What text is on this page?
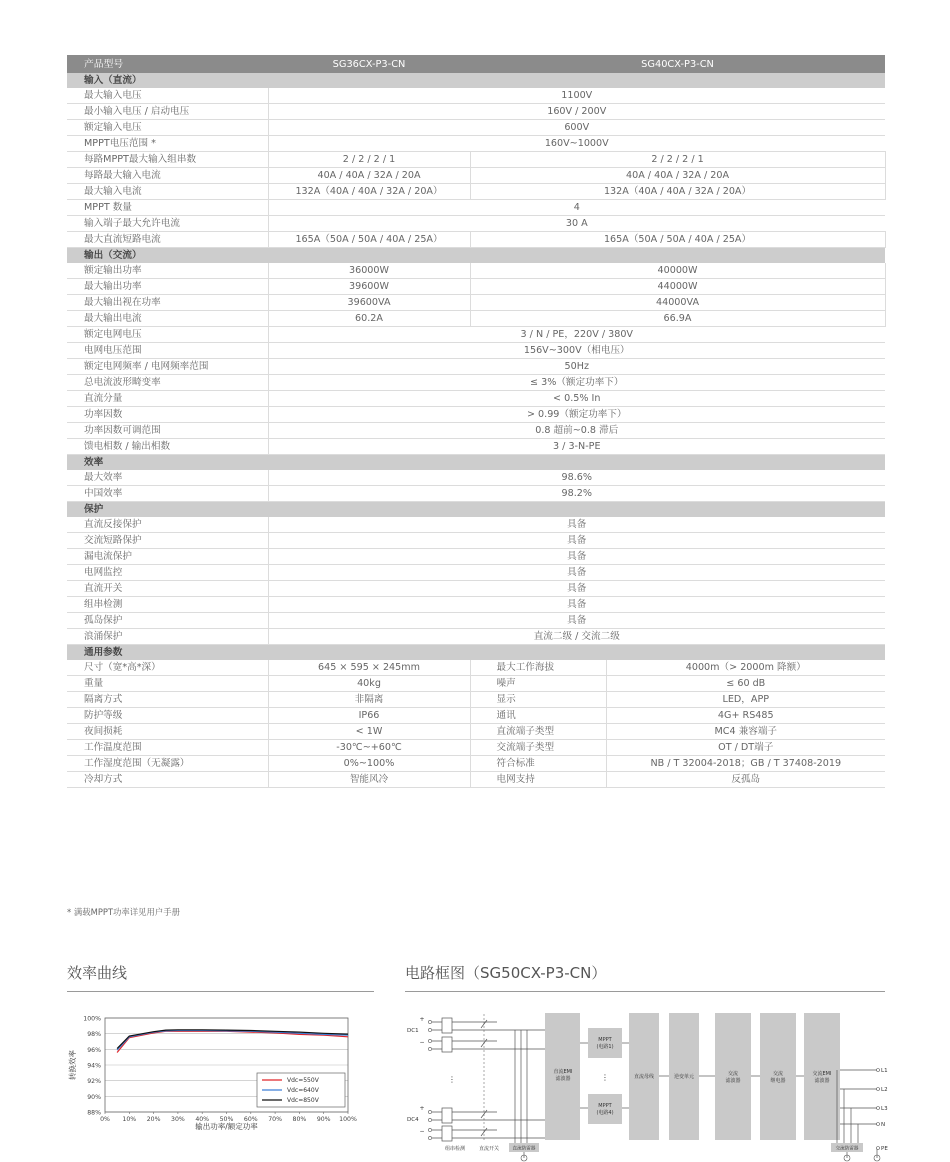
产品型号	SG36CX-P3-CN	SG40CX-P3-CN	
输入（直流）				
最大输入电压	1100V			
最小输入电压 / 启动电压	160V / 200V			
额定输入电压	600V			
MPPT电压范围 *	160V~1000V			
每路MPPT最大输入组串数	2 / 2 / 2 / 1	2 / 2 / 2 / 1	
每路最大输入电流	40A / 40A / 32A / 20A	40A / 40A / 32A / 20A	
最大输入电流	132A（40A / 40A / 32A / 20A）	132A（40A / 40A / 32A / 20A）	
MPPT 数量	4			
输入端子最大允许电流	30 A			
最大直流短路电流	165A（50A / 50A / 40A / 25A）	165A（50A / 50A / 40A / 25A）	
输出（交流）				
额定输出功率	36000W	40000W	
最大输出功率	39600W	44000W	
最大输出视在功率	39600VA	44000VA	
最大输出电流	60.2A	66.9A	
额定电网电压	3 / N / PE，220V / 380V			
电网电压范围	156V~300V（相电压）			
额定电网频率 / 电网频率范围	50Hz			
总电流波形畸变率	≤ 3%（额定功率下）			
直流分量	< 0.5% In			
功率因数	> 0.99（额定功率下）			
功率因数可调范围	0.8 超前~0.8 滞后			
馈电相数 / 输出相数	3 / 3-N-PE			
效率				
最大效率	98.6%			
中国效率	98.2%			
保护				
直流反接保护	具备			
交流短路保护	具备			
漏电流保护	具备			
电网监控	具备			
直流开关	具备			
组串检测	具备			
孤岛保护	具备			
浪涌保护	直流二级 / 交流二级			
通用参数				
尺寸（宽*高*深）	645 × 595 × 245mm	最大工作海拔	4000m（> 2000m 降额）	
重量	40kg	噪声	≤ 60 dB	
隔离方式	非隔离	显示	LED，APP	
防护等级	IP66	通讯	4G+ RS485	
夜间损耗	< 1W	直流端子类型	MC4 兼容端子	
工作温度范围	-30℃~+60℃	交流端子类型	OT / DT端子	
工作湿度范围（无凝露）	0%~100%	符合标准	NB / T 32004-2018；GB / T 37408-2019	
冷却方式	智能风冷	电网支持	反孤岛	
* 满载MPPT功率详见用户手册
效率曲线	电路框图（SG50CX-P3-CN）
88%
90%
92%
94%
96%
98%
100%
0% 10% 20% 30% 40% 50% 60% 70% 80% 90% 100%
Vdc=550V
Vdc=640V
Vdc=850V
输出功率/额定功率
转换效率
DC1
DC4
+
−
+
−
⋮
组串检测	直流开关	直流防雷器
直流EMI
滤波器
MPPT
(电路1)
MPPT
(电路4)
⋮	直流母线	逆变单元	交流
滤波器
交流
继电器
交流EMI
滤波器
L1
L2
L3
N
交流防雷器	PE
